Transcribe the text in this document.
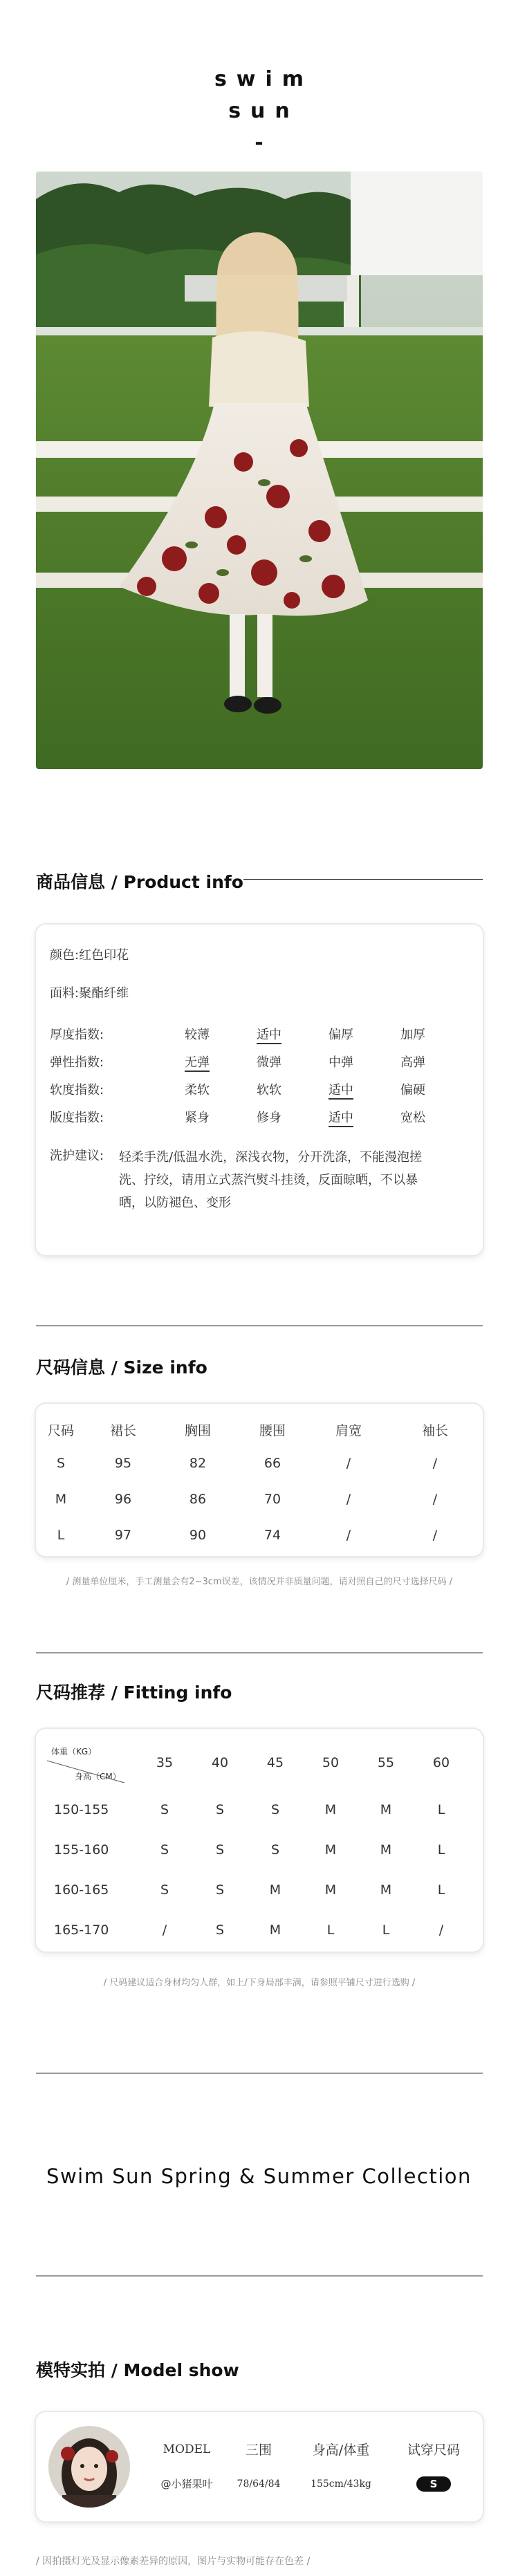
swim
sun
-
商品信息 / Product info
颜色:红色印花
面料:聚酯纤维
厚度指数:	较薄	适中	偏厚	加厚
弹性指数:	无弹	微弹	中弹	高弹
软度指数:	柔软	软软	适中	偏硬
版度指数:	紧身	修身	适中	宽松
洗护建议: 轻柔手洗/低温水洗，深浅衣物，分开洗涤，不能漫泡搓
洗、拧绞，请用立式蒸汽熨斗挂烫，反面晾晒，不以暴
晒，以防褪色、变形
尺码信息 / Size info
尺码	裙长	胸围	腰围	肩宽	袖长
S	95	82	66	/	/
M	96	86	70	/	/
L	97	90	74	/	/
/ 测量单位厘米，手工测量会有2~3cm误差，该情况并非质量问题，请对照自己的尺寸选择尺码 /
尺码推荐 / Fitting info
体重（KG）
身高（CM）
35	40	45	50	55	60
150-155	S	S	S	M	M	L
155-160	S	S	S	M	M	L
160-165	S	S	M	M	M	L
165-170	/	S	M	L	L	/
/ 尺码建议适合身材均匀人群，如上/下身局部丰满，请参照平铺尺寸进行选购 /
Swim Sun Spring & Summer Collection
模特实拍 / Model show
MODEL	三围	身高/体重	试穿尺码
@小猪果叶	78/64/84	155cm/43kg	S
/ 因拍摄灯光及显示像素差异的原因，图片与实物可能存在色差 /
